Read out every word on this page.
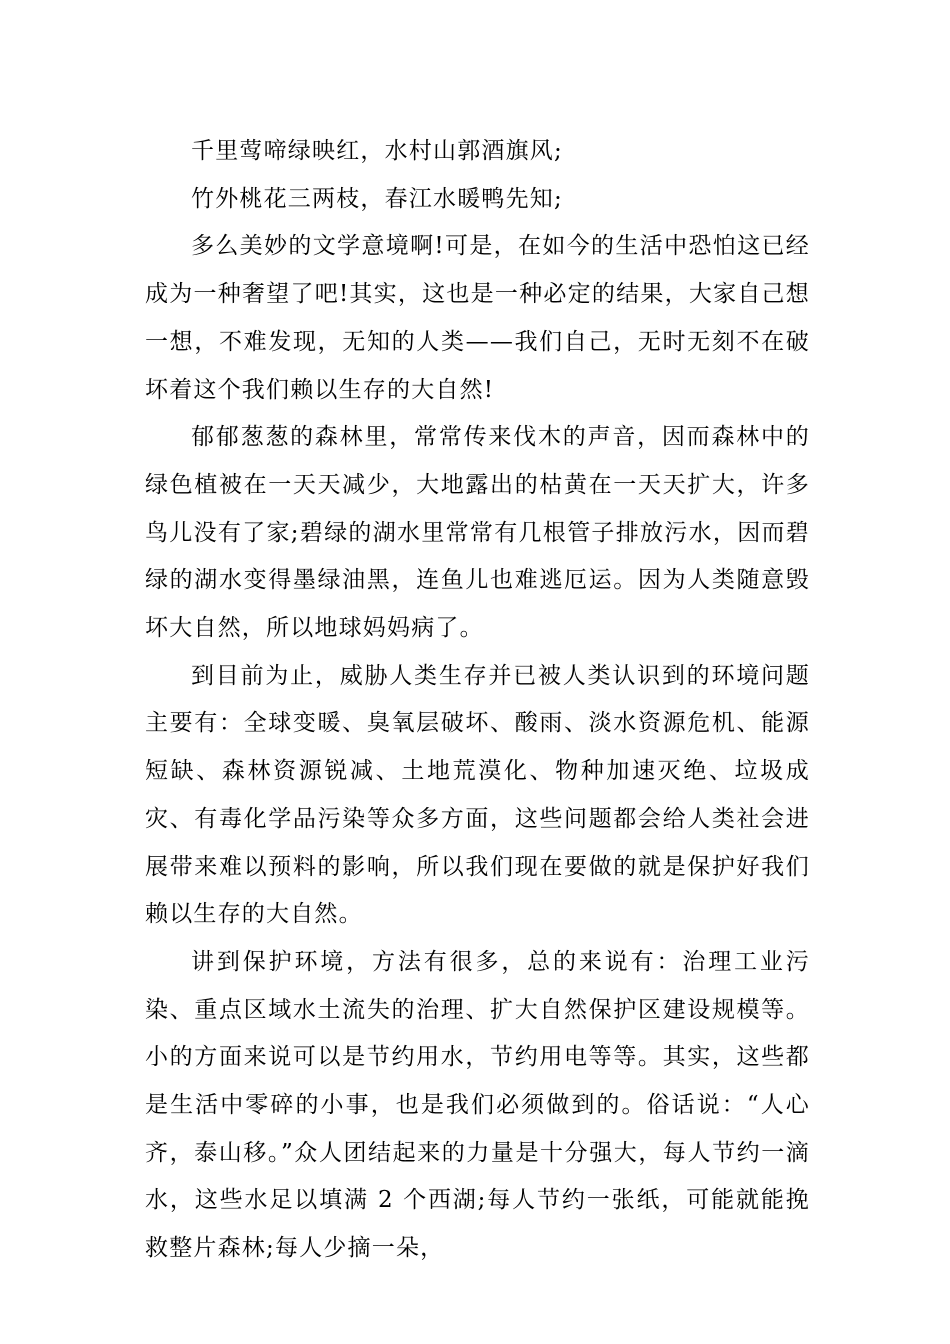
千里莺啼绿映红，水村山郭酒旗风;

竹外桃花三两枝，春江水暖鸭先知;

多么美妙的文学意境啊!可是，在如今的生活中恐怕这已经成为一种奢望了吧!其实，这也是一种必定的结果，大家自己想一想，不难发现，无知的人类——我们自己，无时无刻不在破坏着这个我们赖以生存的大自然!

郁郁葱葱的森林里，常常传来伐木的声音，因而森林中的绿色植被在一天天减少，大地露出的枯黄在一天天扩大，许多鸟儿没有了家;碧绿的湖水里常常有几根管子排放污水，因而碧绿的湖水变得墨绿油黑，连鱼儿也难逃厄运。因为人类随意毁坏大自然，所以地球妈妈病了。

到目前为止，威胁人类生存并已被人类认识到的环境问题主要有：全球变暖、臭氧层破坏、酸雨、淡水资源危机、能源短缺、森林资源锐减、土地荒漠化、物种加速灭绝、垃圾成灾、有毒化学品污染等众多方面，这些问题都会给人类社会进展带来难以预料的影响，所以我们现在要做的就是保护好我们赖以生存的大自然。

讲到保护环境，方法有很多，总的来说有：治理工业污染、重点区域水土流失的治理、扩大自然保护区建设规模等。小的方面来说可以是节约用水，节约用电等等。其实，这些都是生活中零碎的小事，也是我们必须做到的。俗话说：“人心齐，泰山移。”众人团结起来的力量是十分强大，每人节约一滴水，这些水足以填满 2 个西湖;每人节约一张纸，可能就能挽救整片森林;每人少摘一朵，
